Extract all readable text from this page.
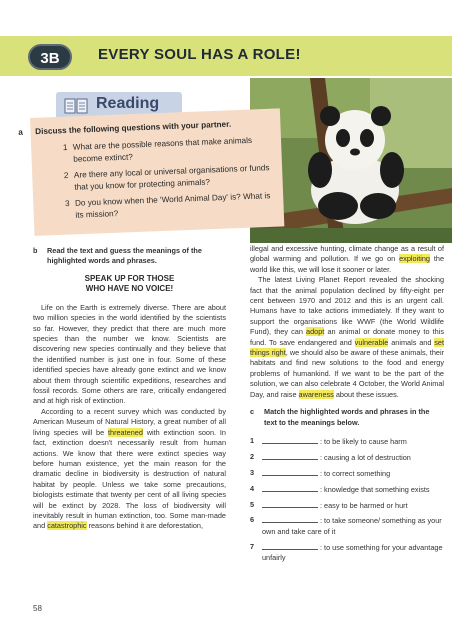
3B	EVERY SOUL HAS A ROLE!
Reading
a Discuss the following questions with your partner.
1 What are the possible reasons that make animals become extinct?
2 Are there any local or universal organisations or funds that you know for protecting animals?
3 Do you know when the 'World Animal Day' is? What is its mission?
b	Read the text and guess the meanings of the highlighted words and phrases.
SPEAK UP FOR THOSE
WHO HAVE NO VOICE!

Life on the Earth is extremely diverse. There are about two million species in the world identified by the scientists so far. However, they predict that there are much more species than the number we know. Scientists are discovering new species continually and they believe that the identified number is just one in four. Some of these identified species have already gone extinct and we know about them through scientific expeditions, researches and fossil records. Some others are rare, critically endangered and at high risk of extinction.

According to a recent survey which was conducted by American Museum of Natural History, a great number of all living species will be threatened with extinction soon. In fact, extinction doesn't necessarily result from human actions. We know that there were extinct species way before human existence, yet the main reason for the dramatic decline in biodiversity is destruction of natural habitat by people. Unless we take some precautions, biologists estimate that twenty per cent of all living species will be extinct by 2028. The loss of biodiversity will inevitably result in human extinction, too. Some man-made and catastrophic reasons behind it are deforestation,

illegal and excessive hunting, climate change as a result of global warming and pollution. If we go on exploiting the world like this, we will lose it sooner or later.

The latest Living Planet Report revealed the shocking fact that the animal population declined by fifty-eight per cent between 1970 and 2012 and this is an urgent call. Humans have to take actions immediately. If they want to support the organisations like WWF (the World Wildlife Fund), they can adopt an animal or donate money to this fund. To save endangered and vulnerable animals and set things right, we should also be aware of these animals, their habitats and find new solutions to the food and energy problems of humankind. If we want to be the part of the solution, we can also celebrate 4 October, the World Animal Day, and raise awareness about these issues.

c	Match the highlighted words and phrases in the text to the meanings below.
1	: to be likely to cause harm
2	: causing a lot of destruction
3	: to correct something
4	: knowledge that something exists
5	: easy to be harmed or hurt
6	: to take someone/ something as your own and take care of it
7	: to use something for your advantage unfairly
58
